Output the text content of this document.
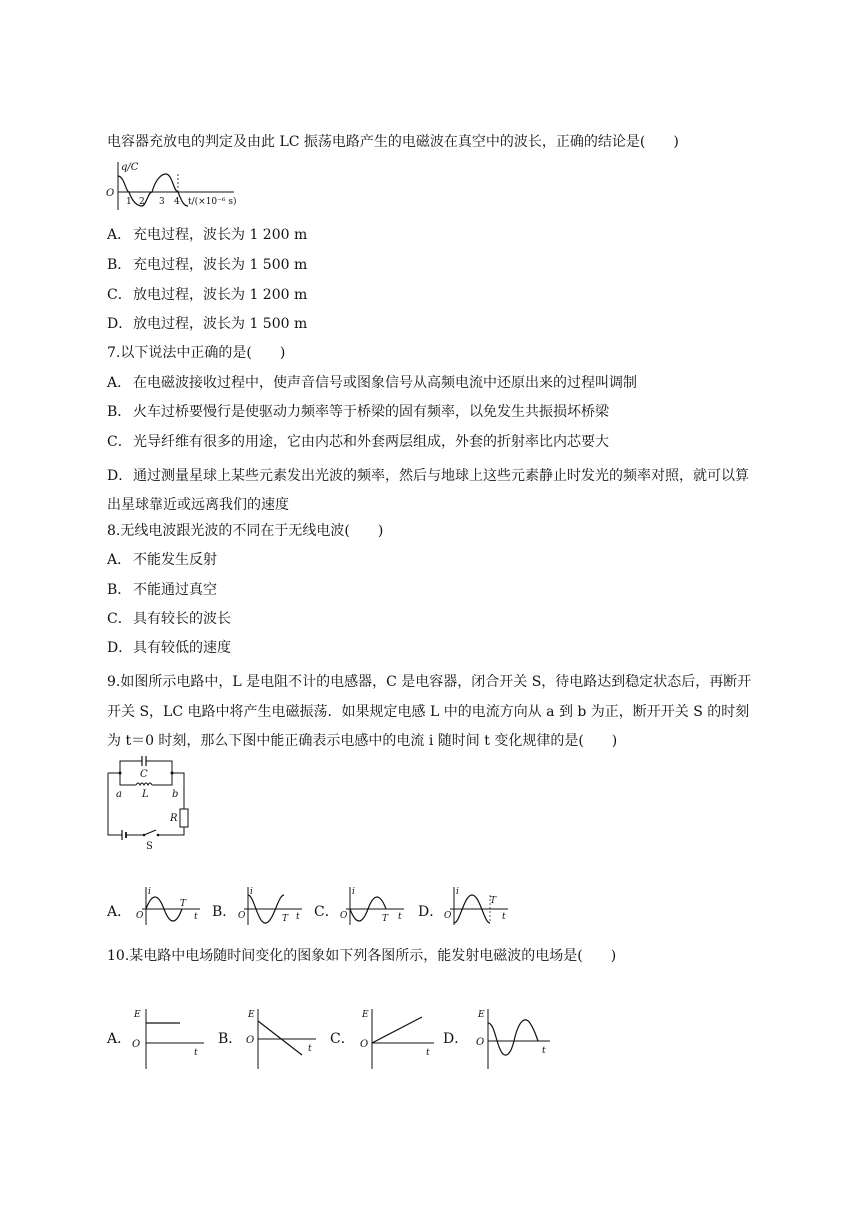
电容器充放电的判定及由此 LC 振荡电路产生的电磁波在真空中的波长，正确的结论是(　　)
q/C
O
1 2 3 4 t/(×10⁻⁶ s)
A． 充电过程，波长为 1 200 m
B． 充电过程，波长为 1 500 m
C．放电过程，波长为 1 200 m
D．放电过程，波长为 1 500 m
7.以下说法中正确的是(　　)
A． 在电磁波接收过程中，使声音信号或图象信号从高频电流中还原出来的过程叫调制
B． 火车过桥要慢行是使驱动力频率等于桥梁的固有频率，以免发生共振损坏桥梁
C．光导纤维有很多的用途，它由内芯和外套两层组成，外套的折射率比内芯要大
D．通过测量星球上某些元素发出光波的频率，然后与地球上这些元素静止时发光的频率对照，就可以算出星球靠近或远离我们的速度
8.无线电波跟光波的不同在于无线电波(　　)
A． 不能发生反射
B． 不能通过真空
C．具有较长的波长
D．具有较低的速度
9.如图所示电路中，L 是电阻不计的电感器，C 是电容器，闭合开关 S，待电路达到稳定状态后，再断开开关 S，LC 电路中将产生电磁振荡．如果规定电感 L 中的电流方向从 a 到 b 为正，断开开关 S 的时刻为 t＝0 时刻，那么下图中能正确表示电感中的电流 i 随时间 t 变化规律的是(　　)
C
L
a	b
R
S
A．
i
O
T
t B．
i
O	T t C．
i
O	T t D．
i
O
T
t
10.某电路中电场随时间变化的图象如下列各图所示，能发射电磁波的电场是(　　)
A．
E
O
t
B．
E
O
t
C．
E
O
t
D．
E
O
t
